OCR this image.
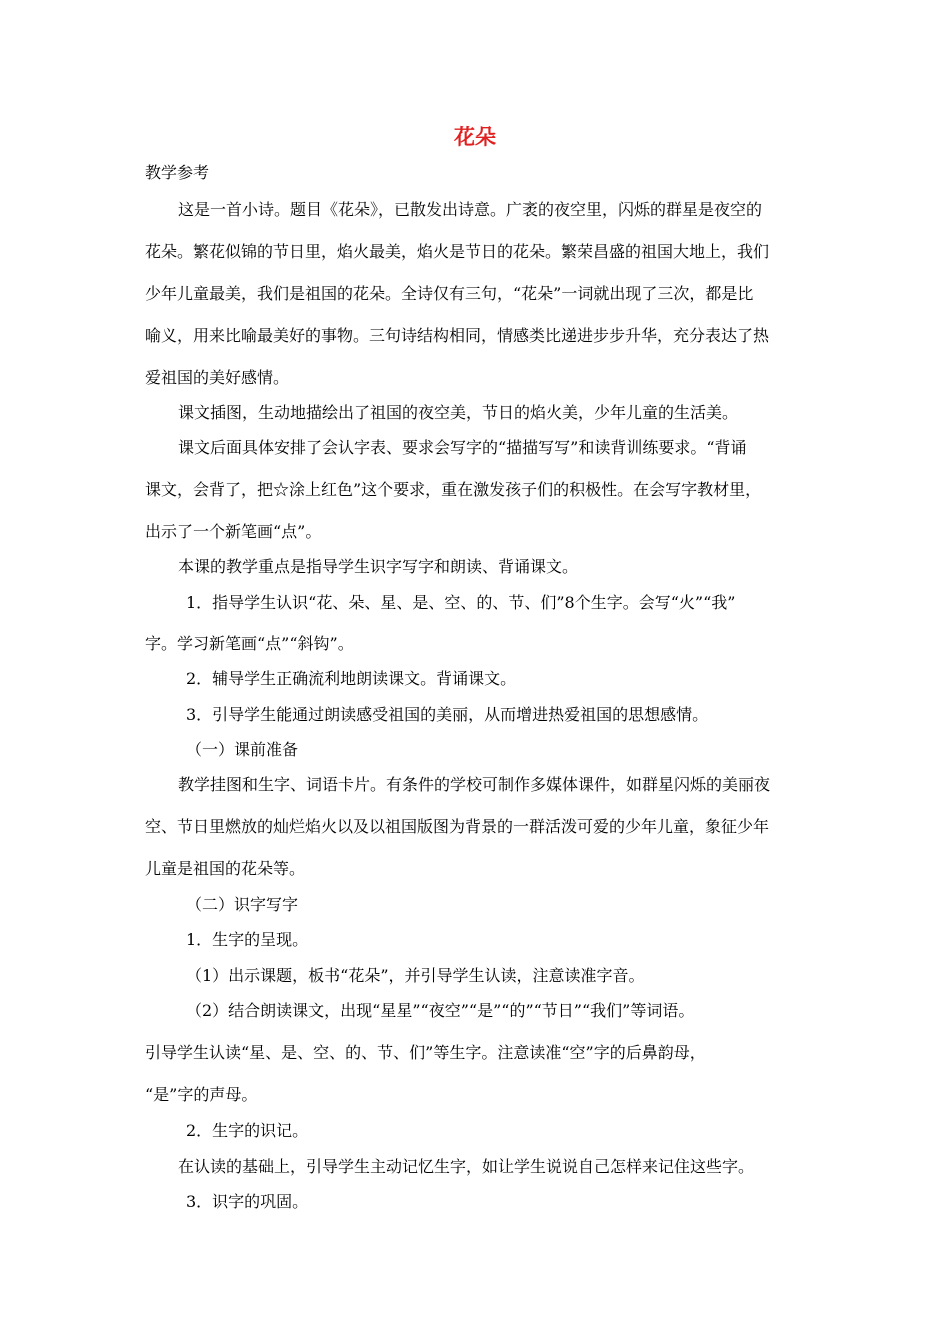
花朵
教学参考
这是一首小诗。题目《花朵》，已散发出诗意。广袤的夜空里，闪烁的群星是夜空的
花朵。繁花似锦的节日里，焰火最美，焰火是节日的花朵。繁荣昌盛的祖国大地上，我们
少年儿童最美，我们是祖国的花朵。全诗仅有三句，“花朵”一词就出现了三次，都是比
喻义，用来比喻最美好的事物。三句诗结构相同，情感类比递进步步升华，充分表达了热
爱祖国的美好感情。
课文插图，生动地描绘出了祖国的夜空美，节日的焰火美，少年儿童的生活美。
课文后面具体安排了会认字表、要求会写字的“描描写写”和读背训练要求。“背诵
课文，会背了，把☆涂上红色”这个要求，重在激发孩子们的积极性。在会写字教材里，
出示了一个新笔画“点”。
本课的教学重点是指导学生识字写字和朗读、背诵课文。
1．指导学生认识“花、朵、星、是、空、的、节、们”8个生字。会写“火”“我”
字。学习新笔画“点”“斜钩”。
2．辅导学生正确流利地朗读课文。背诵课文。
3．引导学生能通过朗读感受祖国的美丽，从而增进热爱祖国的思想感情。
（一）课前准备
教学挂图和生字、词语卡片。有条件的学校可制作多媒体课件，如群星闪烁的美丽夜
空、节日里燃放的灿烂焰火以及以祖国版图为背景的一群活泼可爱的少年儿童，象征少年
儿童是祖国的花朵等。
（二）识字写字
1．生字的呈现。
（1）出示课题，板书“花朵”，并引导学生认读，注意读准字音。
（2）结合朗读课文，出现“星星”“夜空”“是”“的”“节日”“我们”等词语。
引导学生认读“星、是、空、的、节、们”等生字。注意读准“空”字的后鼻韵母，
“是”字的声母。
2．生字的识记。
在认读的基础上，引导学生主动记忆生字，如让学生说说自己怎样来记住这些字。
3．识字的巩固。
